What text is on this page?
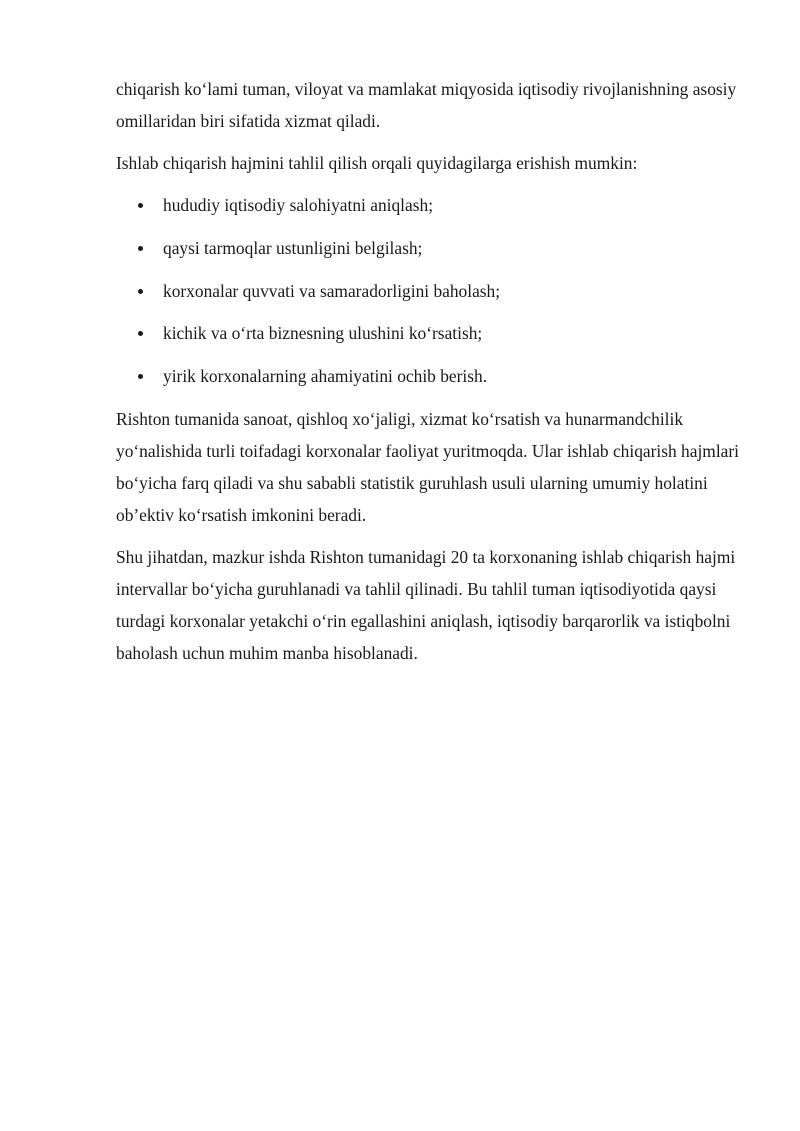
chiqarish ko‘lami tuman, viloyat va mamlakat miqyosida iqtisodiy rivojlanishning asosiy omillaridan biri sifatida xizmat qiladi.

Ishlab chiqarish hajmini tahlil qilish orqali quyidagilarga erishish mumkin:

hududiy iqtisodiy salohiyatni aniqlash;
qaysi tarmoqlar ustunligini belgilash;
korxonalar quvvati va samaradorligini baholash;
kichik va o‘rta biznesning ulushini ko‘rsatish;
yirik korxonalarning ahamiyatini ochib berish.

Rishton tumanida sanoat, qishloq xo‘jaligi, xizmat ko‘rsatish va hunarmandchilik yo‘nalishida turli toifadagi korxonalar faoliyat yuritmoqda. Ular ishlab chiqarish hajmlari bo‘yicha farq qiladi va shu sababli statistik guruhlash usuli ularning umumiy holatini ob’ektiv ko‘rsatish imkonini beradi.

Shu jihatdan, mazkur ishda Rishton tumanidagi 20 ta korxonaning ishlab chiqarish hajmi intervallar bo‘yicha guruhlanadi va tahlil qilinadi. Bu tahlil tuman iqtisodiyotida qaysi turdagi korxonalar yetakchi o‘rin egallashini aniqlash, iqtisodiy barqarorlik va istiqbolni baholash uchun muhim manba hisoblanadi.
